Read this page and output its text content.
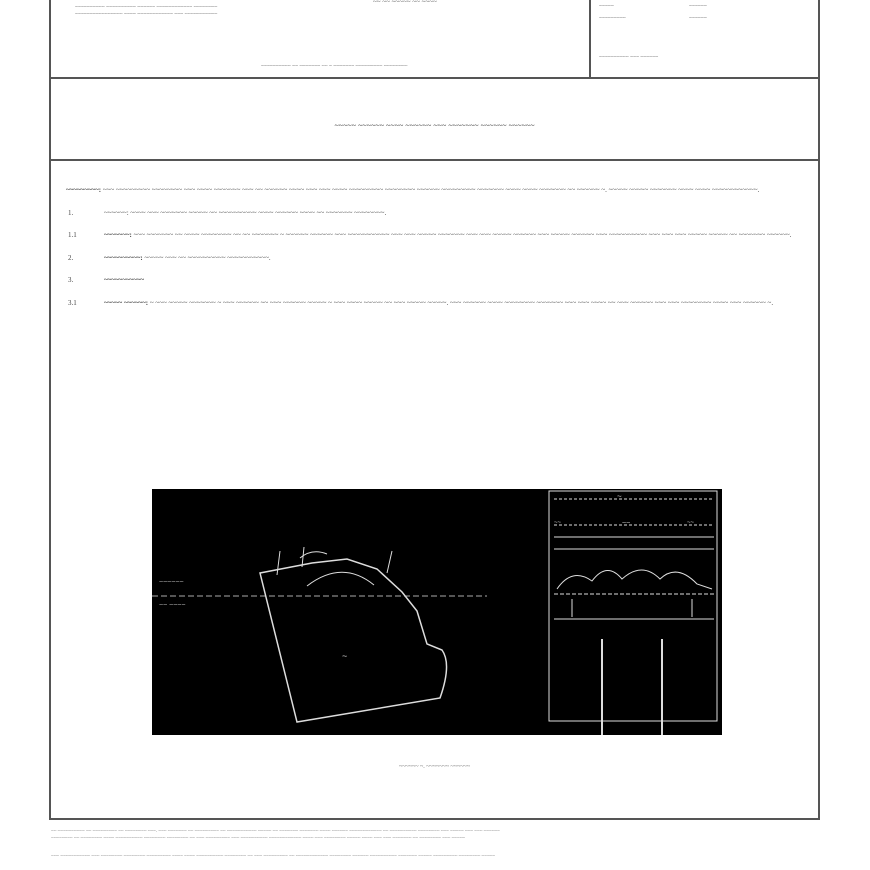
~~~~~~~~~~ ~~~~~~~~~~ ~~~~~~ ~~~~~~~~~~~~ ~~~~~~~~
~~~~~~~~~~~~~~~~ ~~~~ ~~~~~~~~~~~~ ~~~ ~~~~~~~~~~~
~~ ~~ ~~~~~ ~~ ~~~~
~~~~~~~~~~ ~~ ~~~~~~~ ~~ ~ ~~~~~~~ ~~~~~~~~~ ~~~~~~~~
~~~~~	~~~~~~
~~~~~~~~~	~~~~~~
~~~~~~~~~~ ~~~ ~~~~~~
~~~~~ ~~~~~~ ~~~~ ~~~~~~ ~~~ ~~~~~~~ ~~~~~~ ~~~~~~
~~~~~~~~~: ~~~ ~~~~~~~~~ ~~~~~~~~ ~~~ ~~~~ ~~~~~~~ ~~~ ~~ ~~~~~~ ~~~~ ~~~ ~~~ ~~~~ ~~~~~~~~~ ~~~~~~~~ ~~~~~~ ~~~~~~~~~ ~~~~~~~ ~~~~ ~~~~ ~~~~~~~ ~~ ~~~~~~ ~. ~~~~~ ~~~~~ ~~~~~~~ ~~~~ ~~~~ ~~~~~~~~~~~~.
1.	~~~~~~: ~~~~ ~~~ ~~~~~~~ ~~~~~ ~~ ~~~~~~~~~~ ~~~~ ~~~~~~ ~~~~ ~~ ~~~~~~~ ~~~~~~~~.
1.1	~~~~~~~: ~~~ ~~~~~~~ ~~ ~~~~ ~~~~~~~~ ~~ ~~ ~~~~~~~ ~ ~~~~~~ ~~~~~~ ~~~ ~~~~~~~~~~~ ~~~ ~~~ ~~~~~ ~~~~~~~ ~~~ ~~~ ~~~~~ ~~~~~~ ~~~ ~~~~~ ~~~~~~ ~~~ ~~~~~~~~~~ ~~~ ~~~ ~~~ ~~~~~ ~~~~~ ~~ ~~~~~~~ ~~~~~~.
2.	~~~~~~~~~~: ~~~~~ ~~~ ~~ ~~~~~~~~~~ ~~~~~~~~~~~.
3.	~~~~~~~~~~~
3.1	~~~~~ ~~~~~~: ~ ~~~ ~~~~~ ~~~~~~~ ~ ~~~ ~~~~~~ ~~ ~~~ ~~~~~~ ~~~~~ ~ ~~~ ~~~~ ~~~~~ ~~ ~~~ ~~~~~ ~~~~~. ~~~ ~~~~~~ ~~~~ ~~~~~~~~ ~~~~~~~ ~~~ ~~~ ~~~~ ~~ ~~~ ~~~~~~ ~~~ ~~~ ~~~~~~~~ ~~~~ ~~~ ~~~~~~ ~.
~~~~~~
~~ ~~~~
~
~
~~
~~	~~
~~~~~~ ~. ~~~~~~~ ~~~~~~
~~ ~~~~~~~~~~ ~~ ~~~~~~~~~ ~~ ~~~~~~~~ ~~~. ~~~ ~~~~~~~ ~~ ~~~~~~~~~ ~~ ~~~~~~~~~~~ ~~~~~ ~~ ~~~~~~~ ~~~~~~~ ~~~~ ~~~~~~ ~~~~~~~~~~~~ ~~ ~~~~~~~~~~ ~~~~~~~~ ~~~ ~~~~~ ~~~ ~~~ ~~~~~~
~~~~~~~~ ~~ ~~~~~~~~ ~~~~ ~~~~~~~~~~ ~~~~~~~~ ~~~~~~~~ ~~ ~~~ ~~~~~~~~~ ~~~ ~~~~~~~~~~ ~~~~~~~~~~~~ ~~~~ ~~~ ~~~~~~~~ ~~~~~ ~~~~ ~~~ ~~~ ~~~~~~~ ~~ ~~~~~~~~ ~~~ ~~~~~
~~~ ~~~~~~~~~~~ ~~~ ~~~~~~~~ ~~~~~~~~ ~~~~~~~~~ ~~~~ ~~~~ ~~~~~~~~~~ ~~~~~~~~ ~~ ~~~ ~~~~~~~~~ ~~ ~~~~~~~~~~~~ ~~~~~~~~ ~~~~~~ ~~~~~~~~~~ ~~~~~~~ ~~~~~ ~~~~~~~~~ ~~~~~~~~ ~~~~~
